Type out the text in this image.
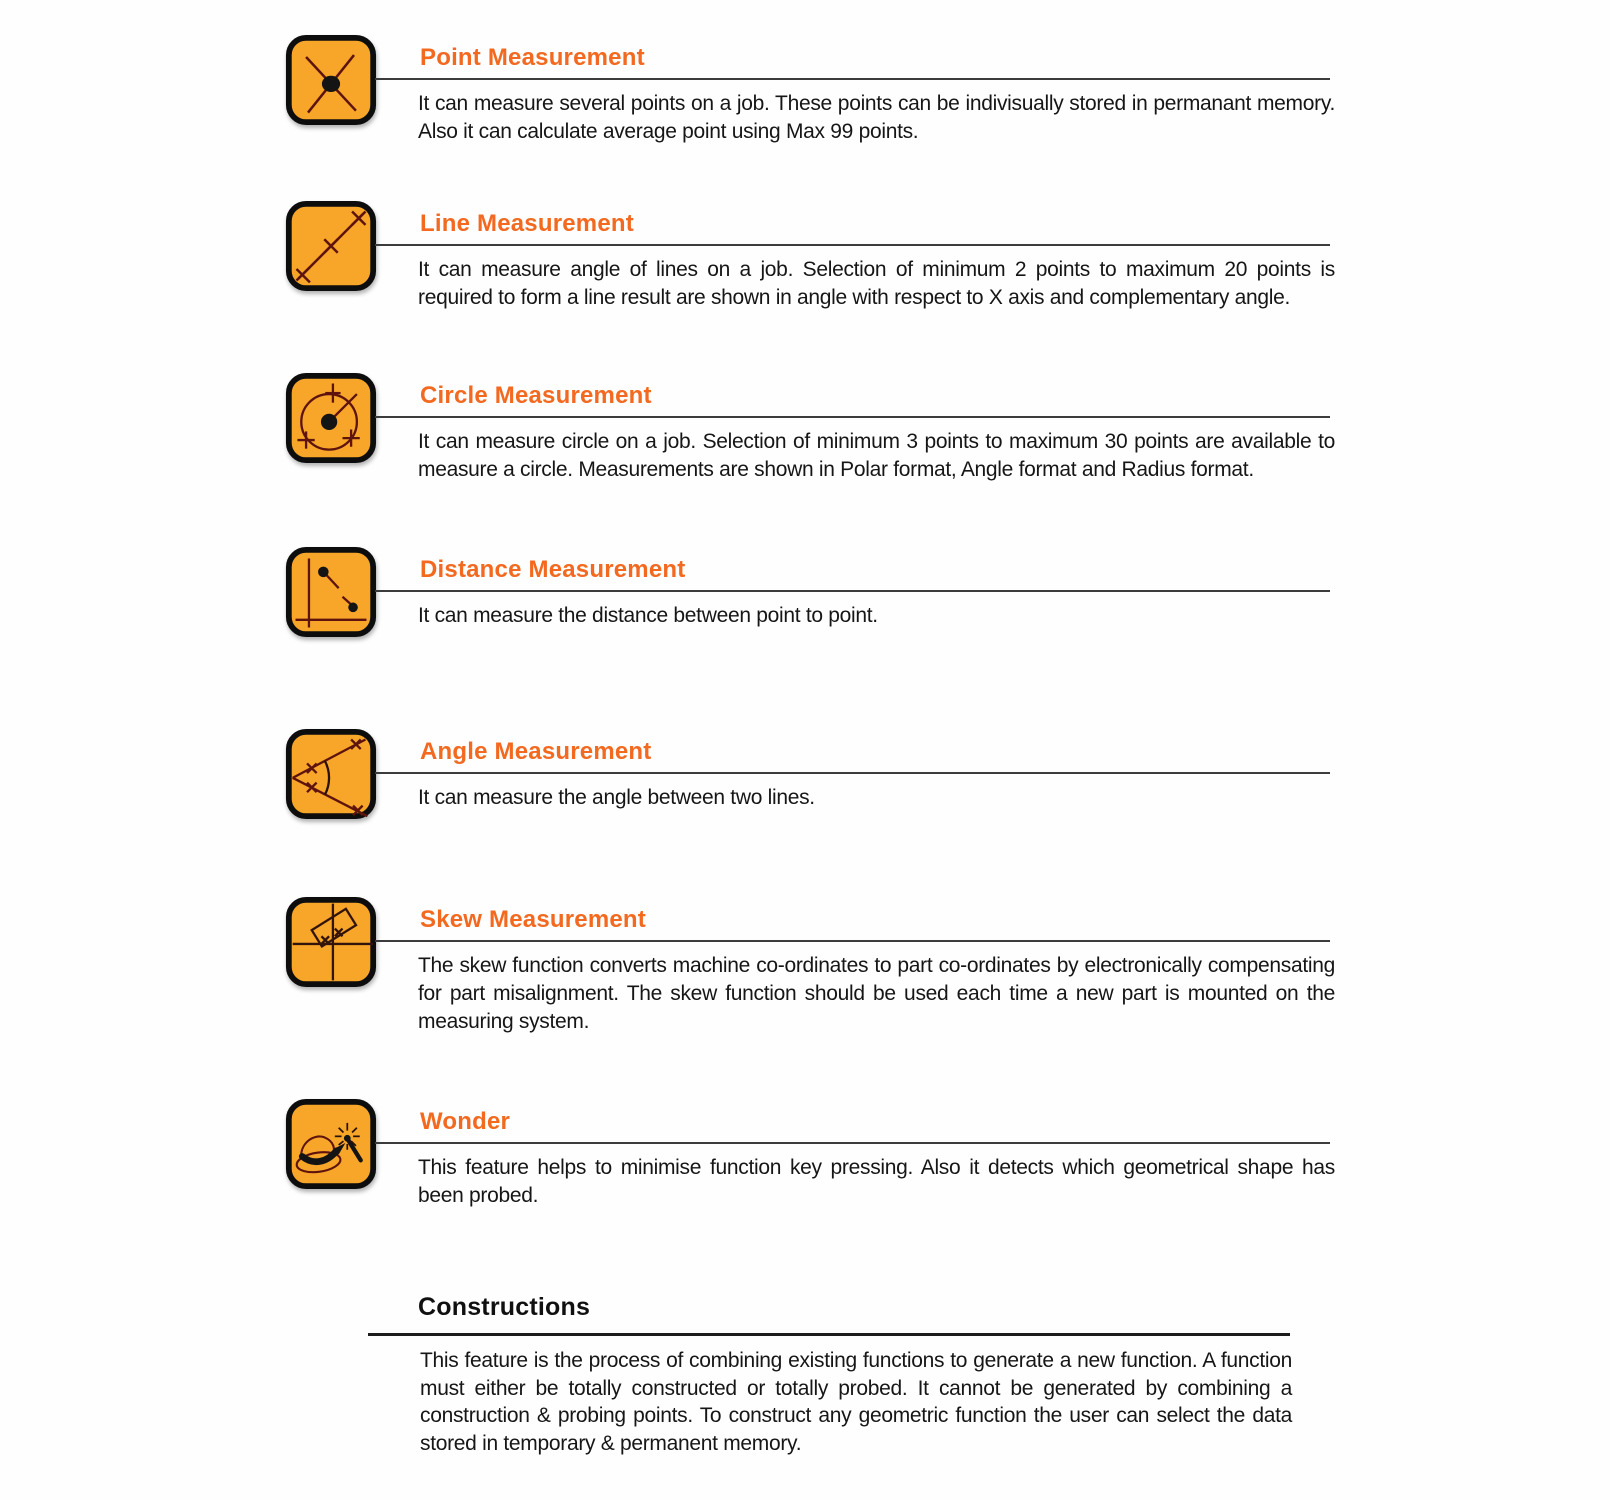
Point Measurement

It can measure several points on a job. These points can be indivisually stored in permanant memory. Also it can calculate average point using Max 99 points.

Line Measurement

It can measure angle of lines on a job. Selection of minimum 2 points to maximum 20 points is required to form a line result are shown in angle with respect to X axis and complementary angle.

Circle Measurement

It can measure circle on a job. Selection of minimum 3 points to maximum 30 points are available to measure a circle. Measurements are shown in Polar format, Angle format and Radius format.

Distance Measurement

It can measure the distance between point to point.

Angle Measurement

It can measure the angle between two lines.

Skew Measurement

The skew function converts machine co-ordinates to part co-ordinates by electronically compensating for part misalignment. The skew function should be used each time a new part is mounted on the measuring system.

Wonder

This feature helps to minimise function key pressing. Also it detects which geometrical shape has been probed.

Constructions

This feature is the process of combining existing functions to generate a new function. A function must either be totally constructed or totally probed. It cannot be generated by combining a construction & probing points. To construct any geometric function the user can select the data stored in temporary & permanent memory.
